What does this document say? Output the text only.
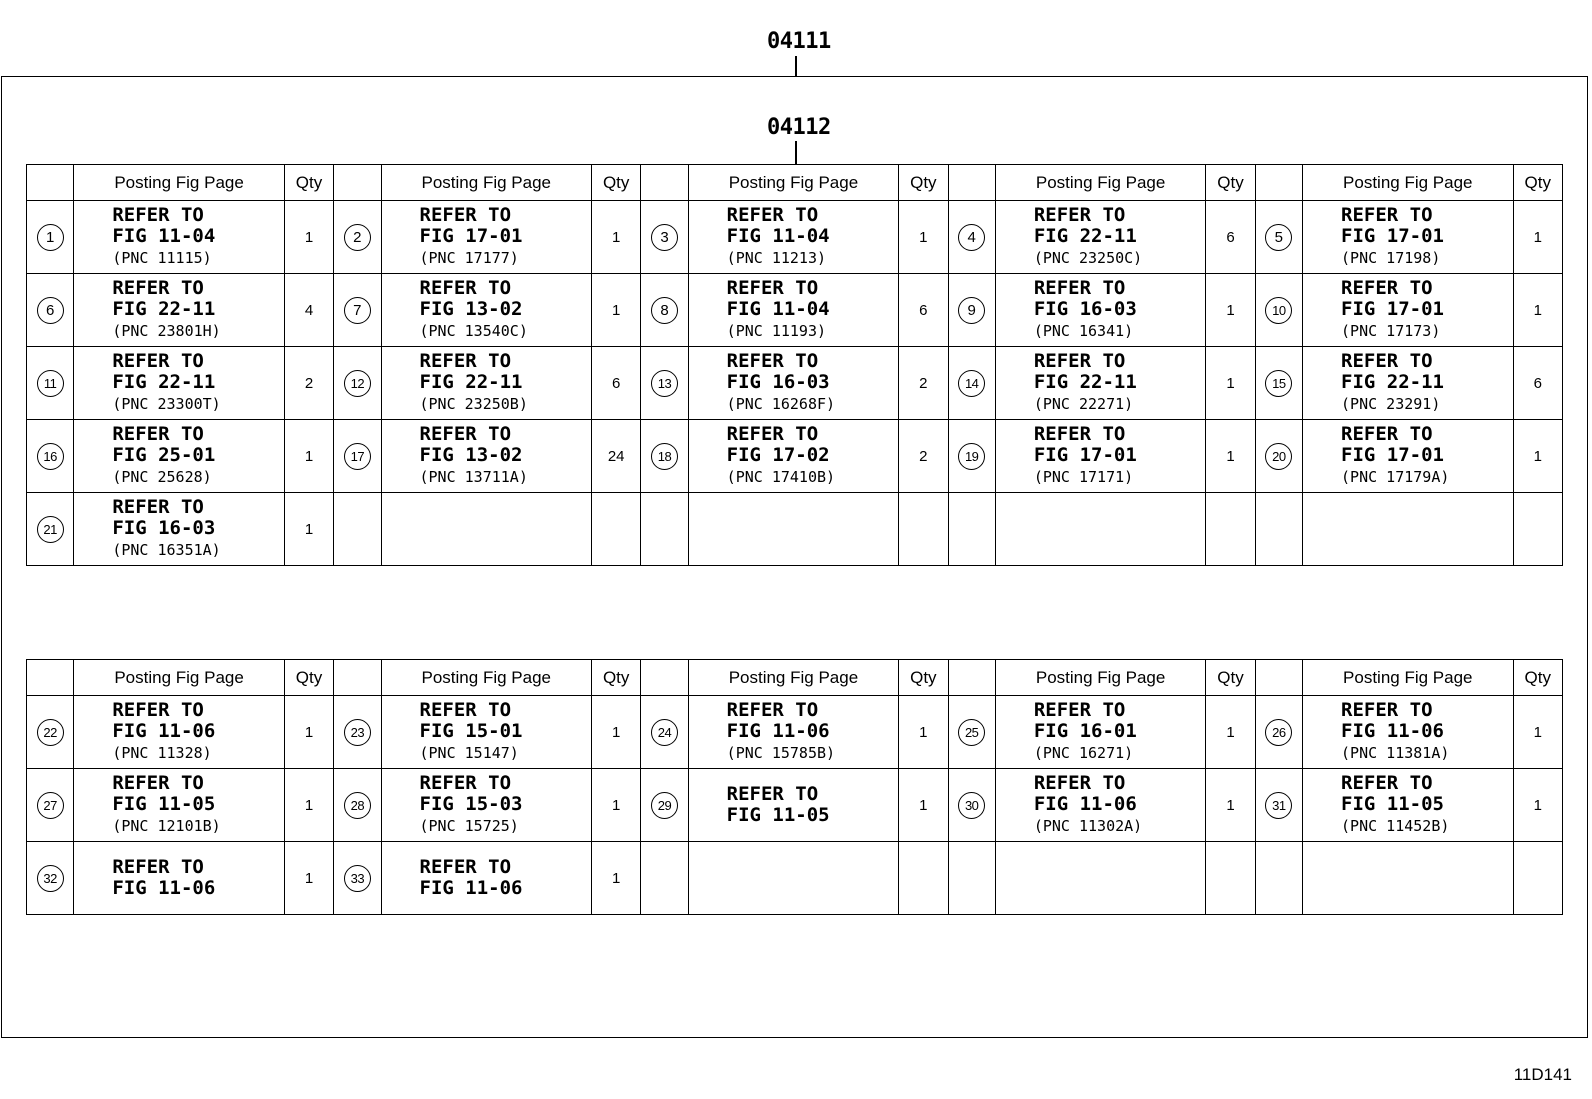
04111
04112
	Posting Fig Page	Qty		Posting Fig Page	Qty		Posting Fig Page	Qty		Posting Fig Page	Qty		Posting Fig Page	Qty
1	REFER TO
FIG 11-04
(PNC 11115)	1	2	REFER TO
FIG 17-01
(PNC 17177)	1	3	REFER TO
FIG 11-04
(PNC 11213)	1	4	REFER TO
FIG 22-11
(PNC 23250C)	6	5	REFER TO
FIG 17-01
(PNC 17198)	1
6	REFER TO
FIG 22-11
(PNC 23801H)	4	7	REFER TO
FIG 13-02
(PNC 13540C)	1	8	REFER TO
FIG 11-04
(PNC 11193)	6	9	REFER TO
FIG 16-03
(PNC 16341)	1	10	REFER TO
FIG 17-01
(PNC 17173)	1
11	REFER TO
FIG 22-11
(PNC 23300T)	2	12	REFER TO
FIG 22-11
(PNC 23250B)	6	13	REFER TO
FIG 16-03
(PNC 16268F)	2	14	REFER TO
FIG 22-11
(PNC 22271)	1	15	REFER TO
FIG 22-11
(PNC 23291)	6
16	REFER TO
FIG 25-01
(PNC 25628)	1	17	REFER TO
FIG 13-02
(PNC 13711A)	24	18	REFER TO
FIG 17-02
(PNC 17410B)	2	19	REFER TO
FIG 17-01
(PNC 17171)	1	20	REFER TO
FIG 17-01
(PNC 17179A)	1
21	REFER TO
FIG 16-03
(PNC 16351A)	1												
	Posting Fig Page	Qty		Posting Fig Page	Qty		Posting Fig Page	Qty		Posting Fig Page	Qty		Posting Fig Page	Qty
22	REFER TO
FIG 11-06
(PNC 11328)	1	23	REFER TO
FIG 15-01
(PNC 15147)	1	24	REFER TO
FIG 11-06
(PNC 15785B)	1	25	REFER TO
FIG 16-01
(PNC 16271)	1	26	REFER TO
FIG 11-06
(PNC 11381A)	1
27	REFER TO
FIG 11-05
(PNC 12101B)	1	28	REFER TO
FIG 15-03
(PNC 15725)	1	29	REFER TO
FIG 11-05	1	30	REFER TO
FIG 11-06
(PNC 11302A)	1	31	REFER TO
FIG 11-05
(PNC 11452B)	1
32	REFER TO
FIG 11-06	1	33	REFER TO
FIG 11-06	1									
11D141
